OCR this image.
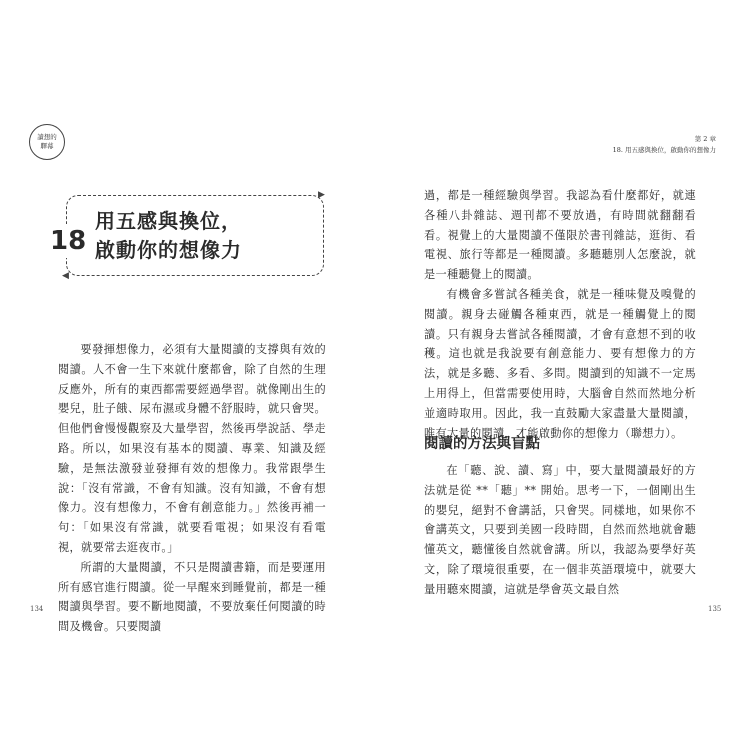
讀想的
驛幕
▶
◀
18
用五感與換位，
啟動你的想像力

要發揮想像力，必須有大量閱讀的支撐與有效的閱讀。人不會一生下來就什麼都會，除了自然的生理反應外，所有的東西都需要經過學習。就像剛出生的嬰兒，肚子餓、尿布濕或身體不舒服時，就只會哭。但他們會慢慢觀察及大量學習，然後再學說話、學走路。所以，如果沒有基本的閱讀、專業、知識及經驗，是無法激發並發揮有效的想像力。我常跟學生說：「沒有常識，不會有知識。沒有知識，不會有想像力。沒有想像力，不會有創意能力。」然後再補一句：「如果沒有常識，就要看電視；如果沒有看電視，就要常去逛夜市。」

所謂的大量閱讀，不只是閱讀書籍，而是要運用所有感官進行閱讀。從一早醒來到睡覺前，都是一種閱讀與學習。要不斷地閱讀，不要放棄任何閱讀的時間及機會。只要閱讀

134
第 2 章
18. 用五感與換位，啟動你的想像力

過，都是一種經驗與學習。我認為看什麼都好，就連各種八卦雜誌、週刊都不要放過，有時間就翻翻看看。視覺上的大量閱讀不僅限於書刊雜誌，逛街、看電視、旅行等都是一種閱讀。多聽聽別人怎麼說，就是一種聽覺上的閱讀。

有機會多嘗試各種美食，就是一種味覺及嗅覺的閱讀。親身去碰觸各種東西，就是一種觸覺上的閱讀。只有親身去嘗試各種閱讀，才會有意想不到的收穫。這也就是我說要有創意能力、要有想像力的方法，就是多聽、多看、多問。閱讀到的知識不一定馬上用得上，但當需要使用時，大腦會自然而然地分析並適時取用。因此，我一直鼓勵大家盡量大量閱讀，唯有大量的閱讀，才能啟動你的想像力（聯想力）。

閱讀的方法與盲點

在「聽、說、讀、寫」中，要大量閱讀最好的方法就是從 **「聽」** 開始。思考一下，一個剛出生的嬰兒，絕對不會講話，只會哭。同樣地，如果你不會講英文，只要到美國一段時間，自然而然地就會聽懂英文，聽懂後自然就會講。所以，我認為要學好英文，除了環境很重要，在一個非英語環境中，就要大量用聽來閱讀，這就是學會英文最自然

135
